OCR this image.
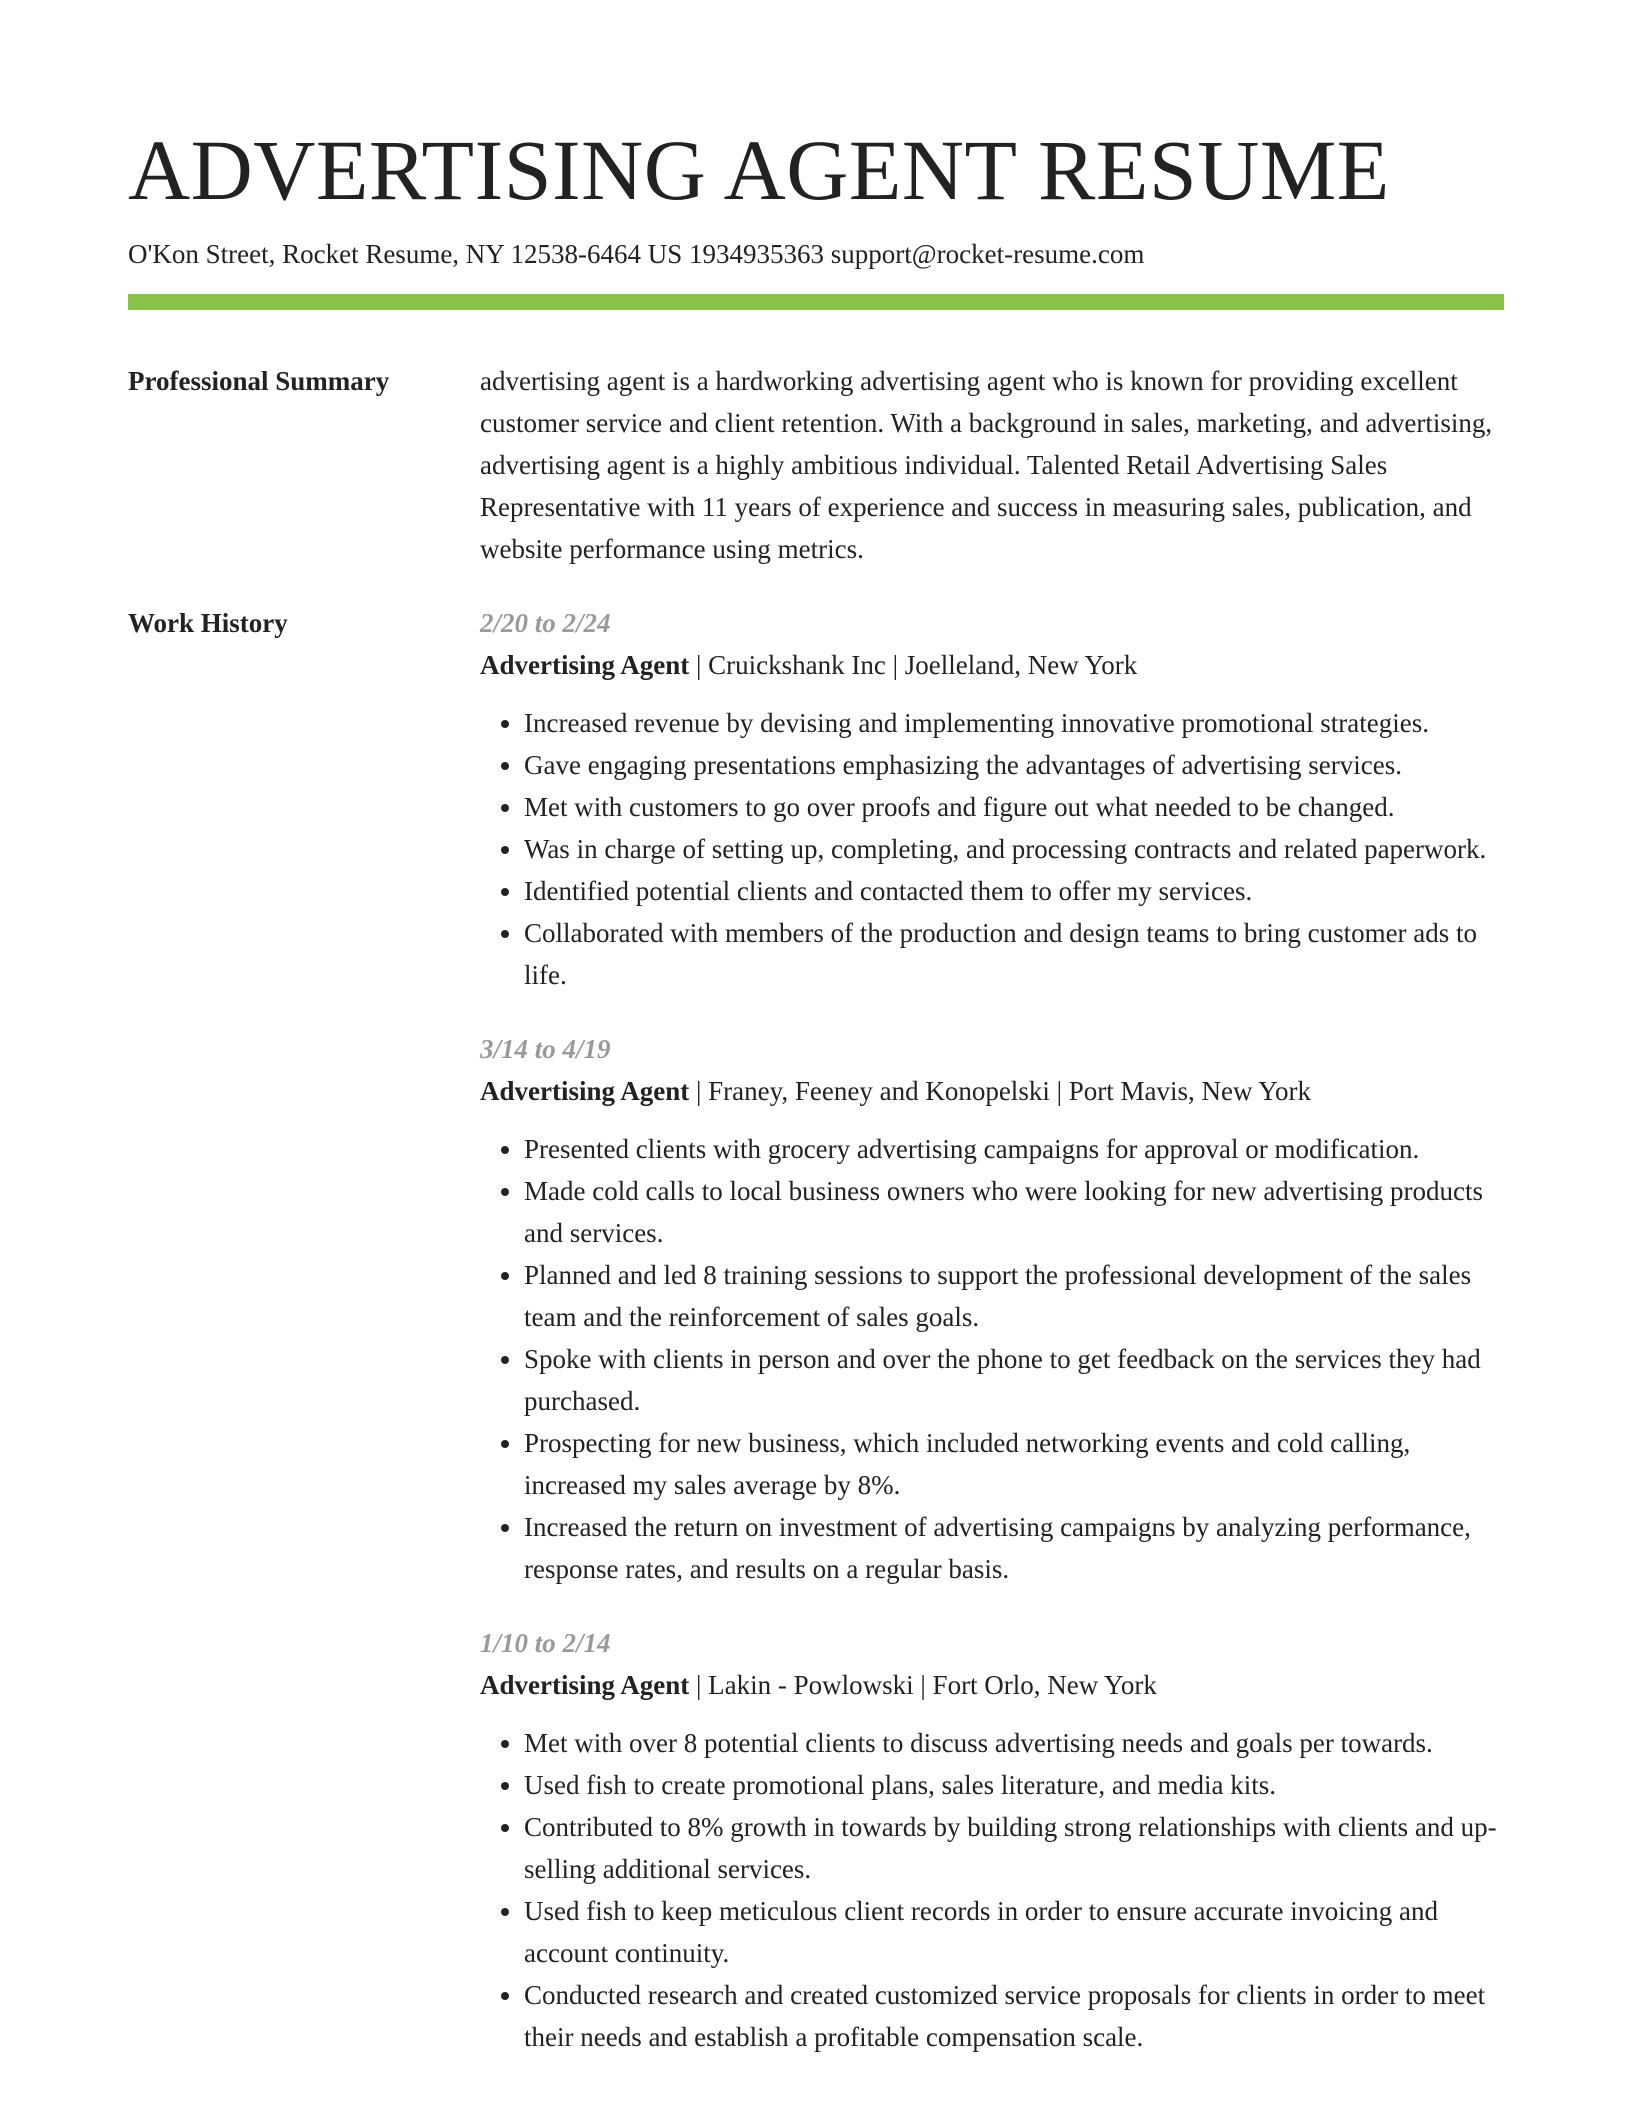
ADVERTISING AGENT RESUME
O'Kon Street, Rocket Resume, NY 12538-6464 US 1934935363 support@rocket-resume.com
Professional Summary	advertising agent is a hardworking advertising agent who is known for providing excellent customer service and client retention. With a background in sales, marketing, and advertising, advertising agent is a highly ambitious individual. Talented Retail Advertising Sales Representative with 11 years of experience and success in measuring sales, publication, and website performance using metrics.
Work History	2/20 to 2/24
Advertising Agent | Cruickshank Inc | Joelleland, New York
• Increased revenue by devising and implementing innovative promotional strategies.
• Gave engaging presentations emphasizing the advantages of advertising services.
• Met with customers to go over proofs and figure out what needed to be changed.
• Was in charge of setting up, completing, and processing contracts and related paperwork.
• Identified potential clients and contacted them to offer my services.
• Collaborated with members of the production and design teams to bring customer ads to life.
3/14 to 4/19
Advertising Agent | Franey, Feeney and Konopelski | Port Mavis, New York
• Presented clients with grocery advertising campaigns for approval or modification.
• Made cold calls to local business owners who were looking for new advertising products and services.
• Planned and led 8 training sessions to support the professional development of the sales team and the reinforcement of sales goals.
• Spoke with clients in person and over the phone to get feedback on the services they had purchased.
• Prospecting for new business, which included networking events and cold calling, increased my sales average by 8%.
• Increased the return on investment of advertising campaigns by analyzing performance, response rates, and results on a regular basis.
1/10 to 2/14
Advertising Agent | Lakin - Powlowski | Fort Orlo, New York
• Met with over 8 potential clients to discuss advertising needs and goals per towards.
• Used fish to create promotional plans, sales literature, and media kits.
• Contributed to 8% growth in towards by building strong relationships with clients and up-selling additional services.
• Used fish to keep meticulous client records in order to ensure accurate invoicing and account continuity.
• Conducted research and created customized service proposals for clients in order to meet their needs and establish a profitable compensation scale.
